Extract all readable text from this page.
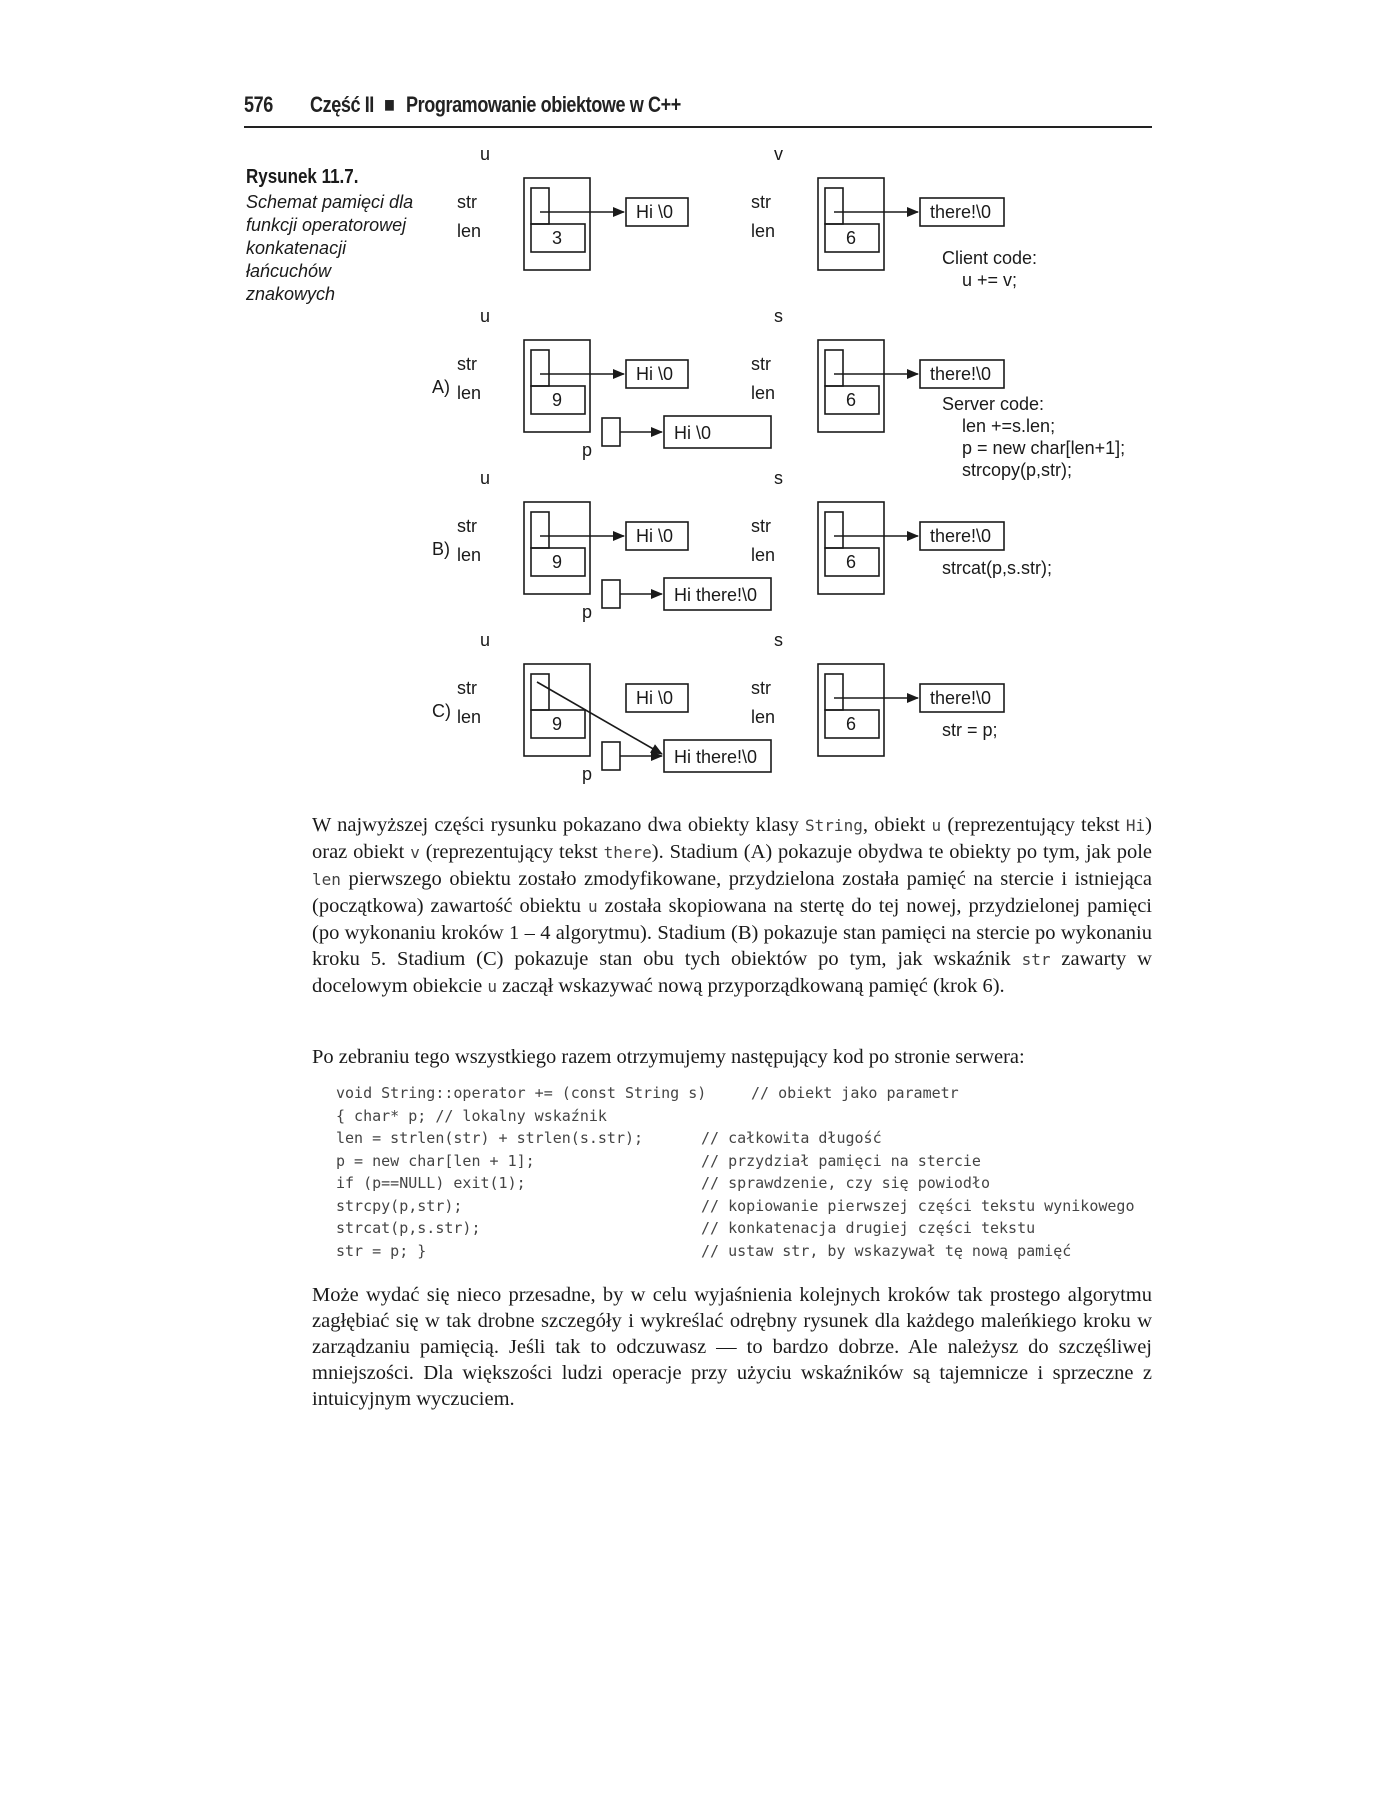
576 Część II ■ Programowanie obiektowe w C++
Rysunek 11.7.
Schemat pamięci dla funkcji operatorowej konkatenacji łańcuchów znakowych
u
str
len	3
Hi \0
v
str
len	6
there!\0
Client code:
u += v;
A)
u
str
len	9
Hi \0
s
str
len	6
there!\0
p
Hi \0
Server code:
len +=s.len;
p = new char[len+1];
strcopy(p,str);
B)
u
str
len	9
Hi \0
s
str
len	6
there!\0
p
Hi there!\0
strcat(p,s.str);
C)
u
str
len	9
Hi \0
s
str
len	6
there!\0
p
Hi there!\0
str = p;

W najwyższej części rysunku pokazano dwa obiekty klasy String, obiekt u (reprezentujący tekst Hi) oraz obiekt v (reprezentujący tekst there). Stadium (A) pokazuje obydwa te obiekty po tym, jak pole len pierwszego obiektu zostało zmodyfikowane, przydzielona została pamięć na stercie i istniejąca (początkowa) zawartość obiektu u została skopiowana na stertę do tej nowej, przydzielonej pamięci (po wykonaniu kroków 1 – 4 algorytmu). Stadium (B) pokazuje stan pamięci na stercie po wykonaniu kroku 5. Stadium (C) pokazuje stan obu tych obiektów po tym, jak wskaźnik str zawarty w docelowym obiekcie u zaczął wskazywać nową przyporządkowaną pamięć (krok 6).

Po zebraniu tego wszystkiego razem otrzymujemy następujący kod po stronie serwera:

void String::operator += (const String s)	// obiekt jako parametr
{ char* p; // lokalny wskaźnik
len = strlen(str) + strlen(s.str);	// całkowita długość
p = new char[len + 1];	// przydział pamięci na stercie
if (p==NULL) exit(1);	// sprawdzenie, czy się powiodło
strcpy(p,str);	// kopiowanie pierwszej części tekstu wynikowego
strcat(p,s.str);	// konkatenacja drugiej części tekstu
str = p; }	// ustaw str, by wskazywał tę nową pamięć

Może wydać się nieco przesadne, by w celu wyjaśnienia kolejnych kroków tak prostego algorytmu zagłębiać się w tak drobne szczegóły i wykreślać odrębny rysunek dla każdego maleńkiego kroku w zarządzaniu pamięcią. Jeśli tak to odczuwasz — to bardzo dobrze. Ale należysz do szczęśliwej mniejszości. Dla większości ludzi operacje przy użyciu wskaźników są tajemnicze i sprzeczne z intuicyjnym wyczuciem.
